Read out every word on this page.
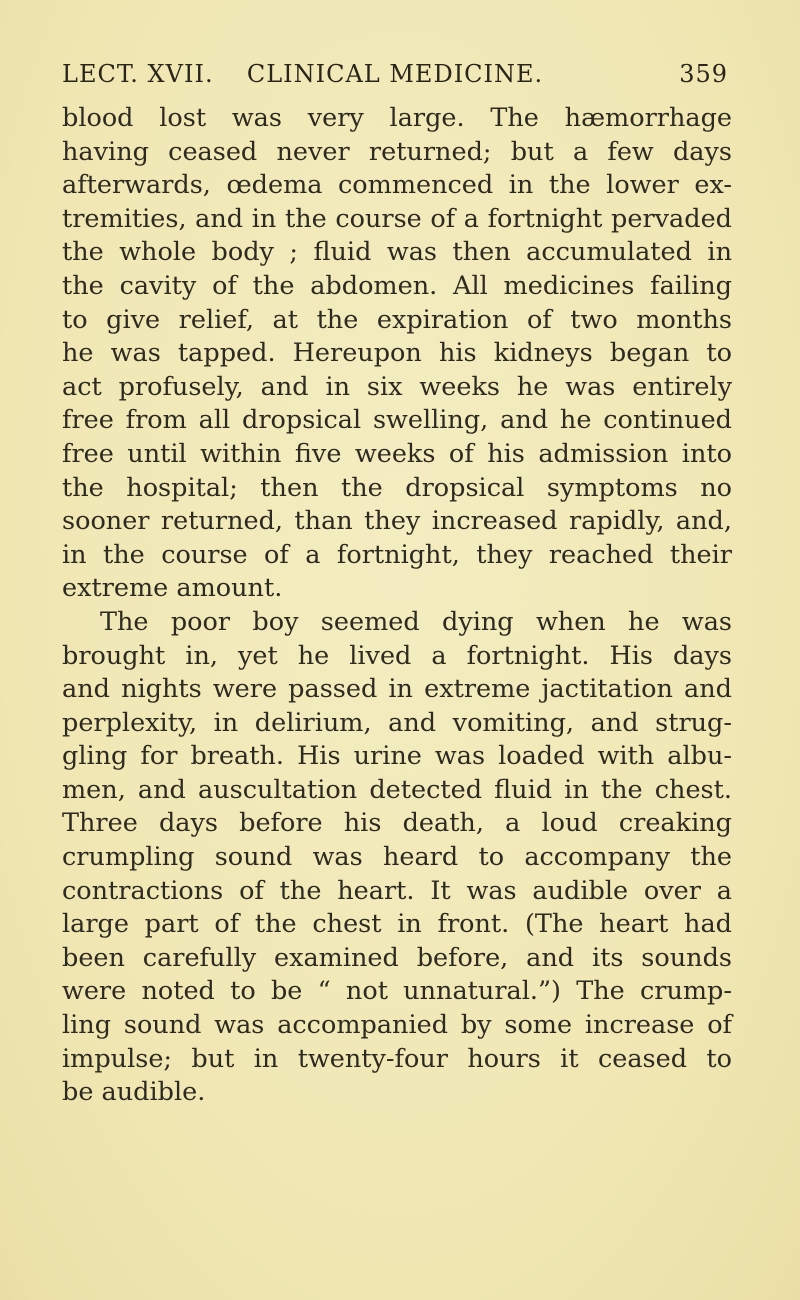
LECT. XVII. CLINICAL MEDICINE.	359
blood lost was very large. The hæmorrhage
having ceased never returned; but a few days
afterwards, œdema commenced in the lower ex-
tremities, and in the course of a fortnight pervaded
the whole body ; fluid was then accumulated in
the cavity of the abdomen. All medicines failing
to give relief, at the expiration of two months
he was tapped. Hereupon his kidneys began to
act profusely, and in six weeks he was entirely
free from all dropsical swelling, and he continued
free until within five weeks of his admission into
the hospital; then the dropsical symptoms no
sooner returned, than they increased rapidly, and,
in the course of a fortnight, they reached their
extreme amount.
The poor boy seemed dying when he was
brought in, yet he lived a fortnight. His days
and nights were passed in extreme jactitation and
perplexity, in delirium, and vomiting, and strug-
gling for breath. His urine was loaded with albu-
men, and auscultation detected fluid in the chest.
Three days before his death, a loud creaking
crumpling sound was heard to accompany the
contractions of the heart. It was audible over a
large part of the chest in front. (The heart had
been carefully examined before, and its sounds
were noted to be “ not unnatural.”) The crump-
ling sound was accompanied by some increase of
impulse; but in twenty-four hours it ceased to
be audible.
